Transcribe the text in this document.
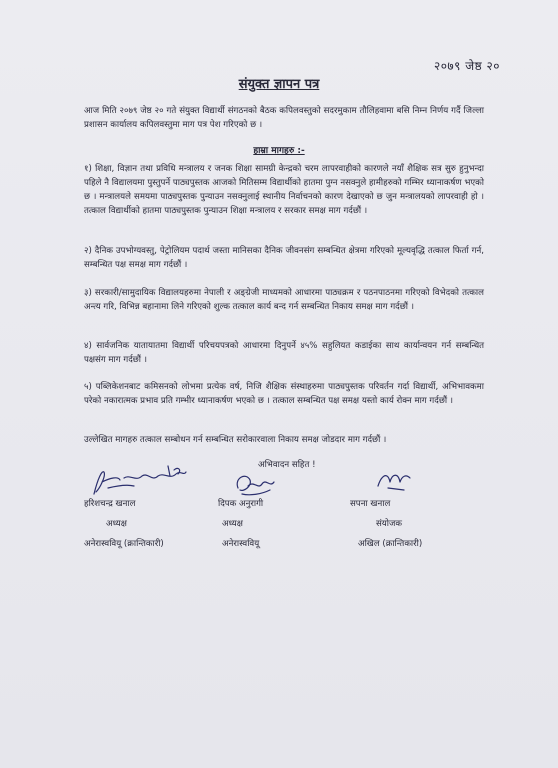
२०७९ जेष्ठ २०
संयुक्त ज्ञापन पत्र
आज मिति २०७९ जेष्ठ २० गते संयुक्त विद्यार्थी संगठनको बैठक कपिलवस्तुको सदरमुकाम तौलिहवामा बसि निम्न निर्णय गर्दै जिल्ला प्रशासन कार्यालय कपिलवस्तुमा माग पत्र पेश गरिएको छ ।
हाम्रा मागहरु :-
१) शिक्षा, विज्ञान तथा प्रविधि मन्त्रालय र जनक शिक्षा सामग्री केन्द्रको चरम लापरवाहीको कारणले नयाँ शैक्षिक सत्र सुरु हुनुभन्दा पहिले नै विद्यालयमा पुस्तुपर्ने पाठ्यपुस्तक आजको मितिसम्म विद्यार्थीको हातमा पुग्न नसक्नुले हामीहरुको गम्भिर ध्यानाकर्षण भएको छ । मन्त्रालयले समयमा पाठ्यपुस्तक पुन्याउन नसक्नुलाई स्थानीय निर्वाचनको कारण देखाएको छ जुन मन्त्रालयको लापरवाही हो । तत्काल विद्यार्थीको हातमा पाठ्यपुस्तक पुन्याउन शिक्षा मन्त्रालय र सरकार समक्ष माग गर्दछौं ।
२) दैनिक उपभोग्यवस्तु, पेट्रोलियम पदार्थ जस्ता मानिसका दैनिक जीवनसंग सम्बन्धित क्षेत्रमा गरिएको मूल्यवृद्धि तत्काल फिर्ता गर्न, सम्बन्धित पक्ष समक्ष माग गर्दछौं ।
३) सरकारी/सामुदायिक विद्यालयहरुमा नेपाली र अङ्ग्रेजी माध्यमको आधारमा पाठ्यक्रम र पठनपाठनमा गरिएको विभेदको तत्काल अन्त्य गरि, विभिन्न बहानामा लिने गरिएको शुल्क तत्काल कार्य बन्द गर्न सम्बन्धित निकाय समक्ष माग गर्दछौं ।
४) सार्वजनिक यातायातमा विद्यार्थी परिचयपत्रको आधारमा दिनुपर्ने ४५% सहुलियत कडाईका साथ कार्यान्वयन गर्न सम्बन्धित पक्षसंग माग गर्दछौं ।
५) पब्लिकेशनबाट कमिसनको लोभमा प्रत्येक वर्ष, निजि शैक्षिक संस्थाहरुमा पाठ्यपुस्तक परिवर्तन गर्दा विद्यार्थी, अभिभावकमा परेको नकारात्मक प्रभाव प्रति गम्भीर ध्यानाकर्षण भएको छ । तत्काल सम्बन्धित पक्ष समक्ष यस्तो कार्य रोक्न माग गर्दछौं ।
उल्लेखित मागहरु तत्काल सम्बोधन गर्न सम्बन्धित सरोकारवाला निकाय समक्ष जोडदार माग गर्दछौं ।
अभिवादन सहित !
हरिशचन्द्र खनाल	दिपक अनुरागी	सपना खनाल
अध्यक्ष	अध्यक्ष	संयोजक
अनेरास्ववियू (क्रान्तिकारी)	अनेरास्ववियू	अखिल (क्रान्तिकारी)
